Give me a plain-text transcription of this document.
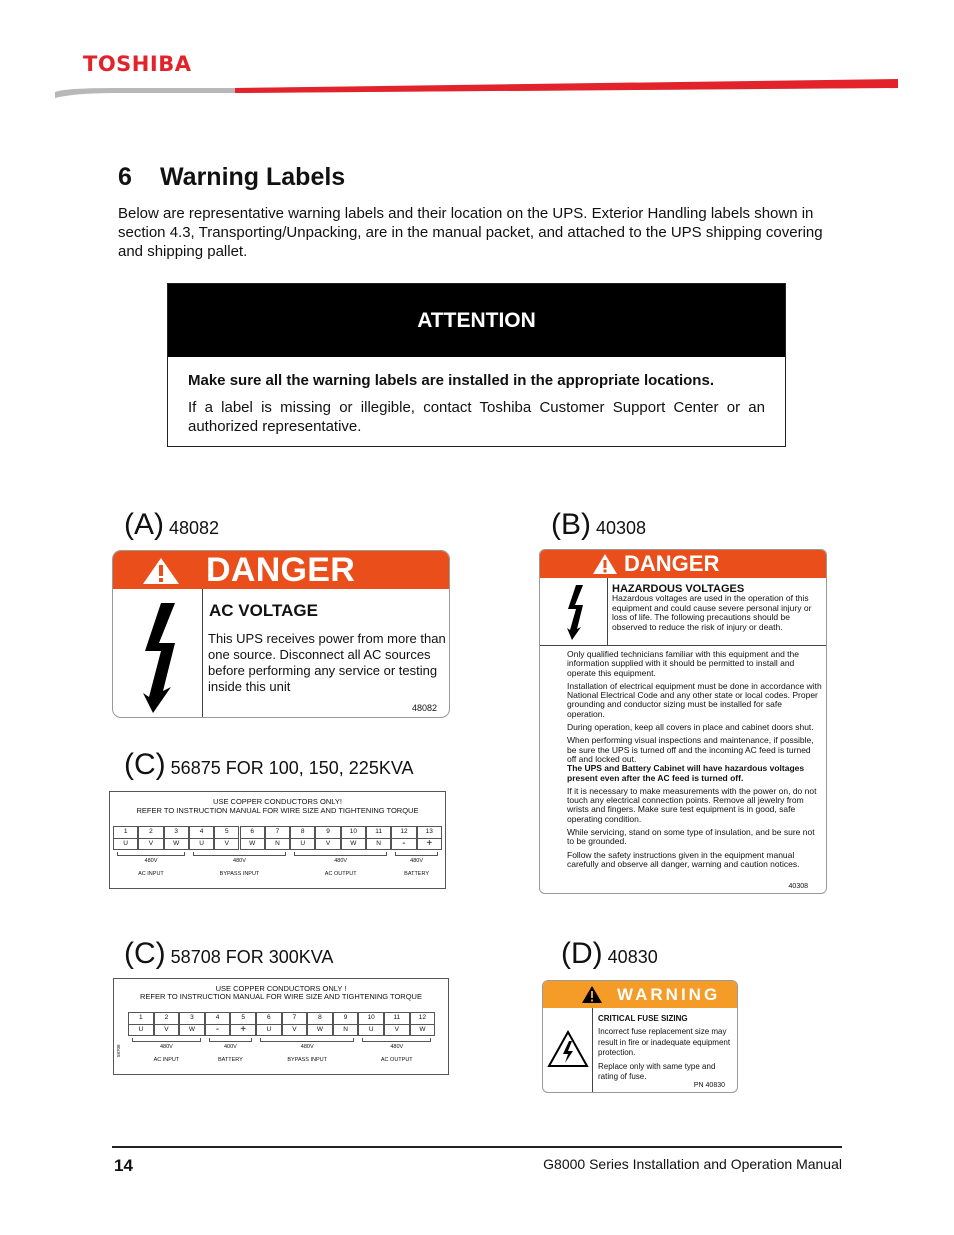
TOSHIBA
6 Warning Labels
Below are representative warning labels and their location on the UPS. Exterior Handling labels shown in section 4.3, Transporting/Unpacking, are in the manual packet, and attached to the UPS shipping covering and shipping pallet.
ATTENTION
Make sure all the warning labels are installed in the appropriate locations.
If a label is missing or illegible, contact Toshiba Customer Support Center or an authorized representative.
(A) 48082
DANGER
AC VOLTAGE
This UPS receives power from more than one source. Disconnect all AC sources before performing any service or testing inside this unit
48082
(B) 40308
DANGER
HAZARDOUS VOLTAGES
Hazardous voltages are used in the operation of this equipment and could cause severe personal injury or loss of life. The following precautions should be observed to reduce the risk of injury or death.

Only qualified technicians familiar with this equipment and the information supplied with it should be permitted to install and operate this equipment.

Installation of electrical equipment must be done in accordance with National Electrical Code and any other state or local codes. Proper grounding and conductor sizing must be installed for safe operation.

During operation, keep all covers in place and cabinet doors shut.

When performing visual inspections and maintenance, if possible, be sure the UPS is turned off and the incoming AC feed is turned off and locked out.

The UPS and Battery Cabinet will have hazardous voltages present even after the AC feed is turned off.

If it is necessary to make measurements with the power on, do not touch any electrical connection points. Remove all jewelry from wrists and fingers. Make sure test equipment is in good, safe operating condition.

While servicing, stand on some type of insulation, and be sure not to be grounded.

Follow the safety instructions given in the equipment manual carefully and observe all danger, warning and caution notices.

40308
(C) 56875 FOR 100, 150, 225KVA
USE COPPER CONDUCTORS ONLY!
REFER TO INSTRUCTION MANUAL FOR WIRE SIZE AND TIGHTENING TORQUE
1
U
2
V
3
W
4
U
5
V
6
W
7
N
8
U
9
V
10
W
11
N
12
-
13
+
480V
AC INPUT
480V
BYPASS INPUT
480V
AC OUTPUT
480V
BATTERY
(C) 58708 FOR 300KVA
USE COPPER CONDUCTORS ONLY !
REFER TO INSTRUCTION MANUAL FOR WIRE SIZE AND TIGHTENING TORQUE
58708
1
U
2
V
3
W
4
-
5
+
6
U
7
V
8
W
9
N
10
U
11
V
12
W
480V
AC INPUT
400V
BATTERY
480V
BYPASS INPUT
480V
AC OUTPUT
(D) 40830
WARNING
CRITICAL FUSE SIZING
Incorrect fuse replacement size may result in fire or inadequate equipment protection.
Replace only with same type and rating of fuse.
PN 40830
14	G8000 Series Installation and Operation Manual
